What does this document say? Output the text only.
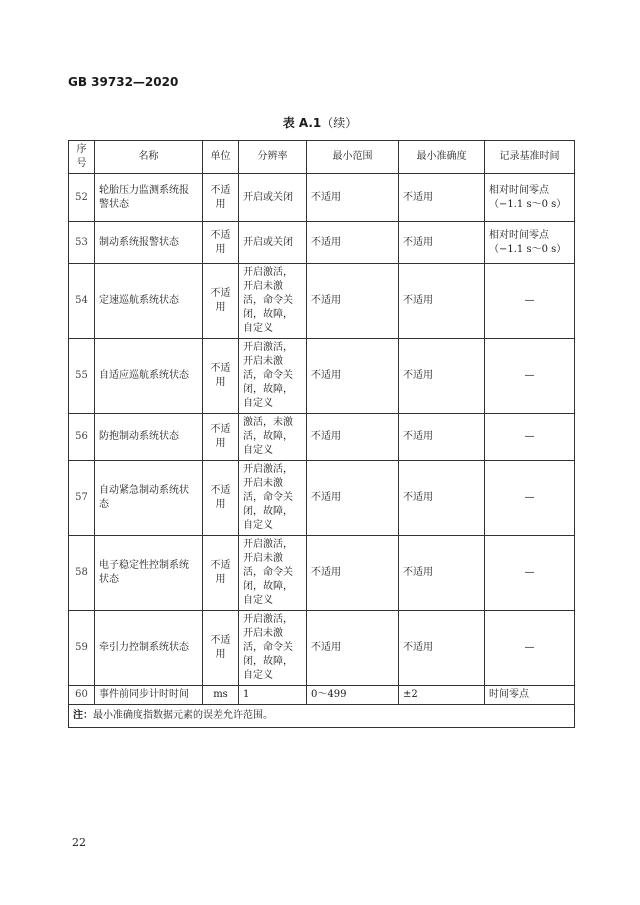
GB 39732—2020
表 A.1（续）
序号	名称	单位	分辨率	最小范围	最小准确度	记录基准时间
52	轮胎压力监测系统报警状态	不适用	开启或关闭	不适用	不适用	相对时间零点（−1.1 s～0 s）
53	制动系统报警状态	不适用	开启或关闭	不适用	不适用	相对时间零点（−1.1 s～0 s）
54	定速巡航系统状态	不适用	开启激活，开启未激活，命令关闭，故障，自定义	不适用	不适用	—
55	自适应巡航系统状态	不适用	开启激活，开启未激活，命令关闭，故障，自定义	不适用	不适用	—
56	防抱制动系统状态	不适用	激活，未激活，故障，自定义	不适用	不适用	—
57	自动紧急制动系统状态	不适用	开启激活，开启未激活，命令关闭，故障，自定义	不适用	不适用	—
58	电子稳定性控制系统状态	不适用	开启激活，开启未激活，命令关闭，故障，自定义	不适用	不适用	—
59	牵引力控制系统状态	不适用	开启激活，开启未激活，命令关闭，故障，自定义	不适用	不适用	—
60	事件前同步计时时间	ms	1	0～499	±2	时间零点
注：最小准确度指数据元素的误差允许范围。						
22
